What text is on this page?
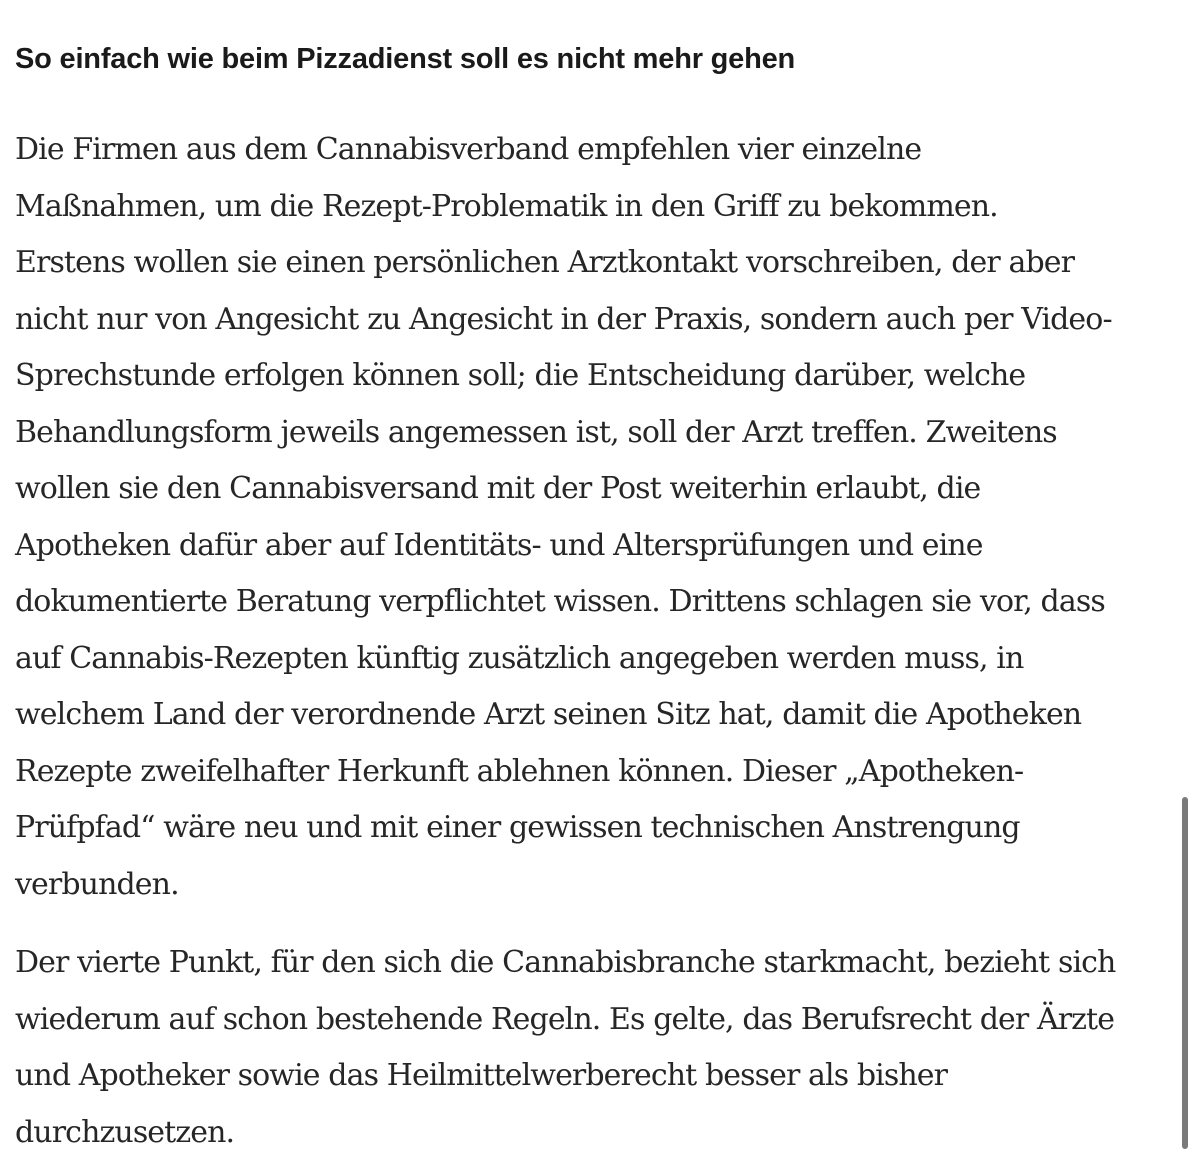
So einfach wie beim Pizzadienst soll es nicht mehr gehen

Die Firmen aus dem Cannabisverband empfehlen vier einzelne
Maßnahmen, um die Rezept-Problematik in den Griff zu bekommen.
Erstens wollen sie einen persönlichen Arztkontakt vorschreiben, der aber
nicht nur von Angesicht zu Angesicht in der Praxis, sondern auch per Video-
Sprechstunde erfolgen können soll; die Entscheidung darüber, welche
Behandlungsform jeweils angemessen ist, soll der Arzt treffen. Zweitens
wollen sie den Cannabisversand mit der Post weiterhin erlaubt, die
Apotheken dafür aber auf Identitäts- und Altersprüfungen und eine
dokumentierte Beratung verpflichtet wissen. Drittens schlagen sie vor, dass
auf Cannabis-Rezepten künftig zusätzlich angegeben werden muss, in
welchem Land der verordnende Arzt seinen Sitz hat, damit die Apotheken
Rezepte zweifelhafter Herkunft ablehnen können. Dieser „Apotheken-
Prüfpfad“ wäre neu und mit einer gewissen technischen Anstrengung
verbunden.

Der vierte Punkt, für den sich die Cannabisbranche starkmacht, bezieht sich
wiederum auf schon bestehende Regeln. Es gelte, das Berufsrecht der Ärzte
und Apotheker sowie das Heilmittelwerberecht besser als bisher
durchzusetzen.
